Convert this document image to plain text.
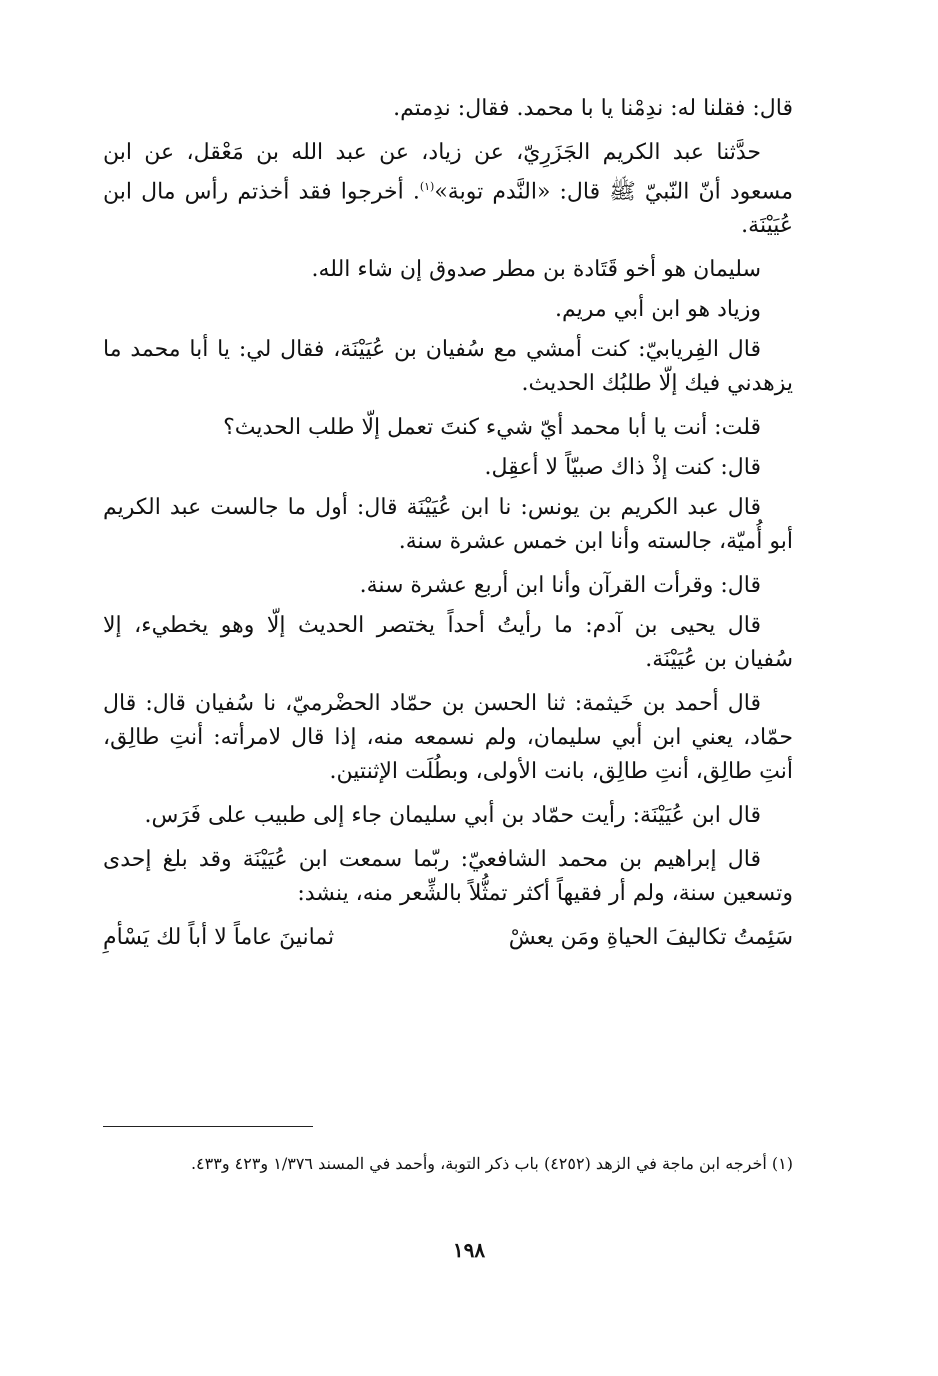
قال: فقلنا له: ندِمْنا يا با محمد. فقال: ندِمتم.

حدَّثنا عبد الكريم الجَزَرِيّ، عن زياد، عن عبد الله بن مَعْقل، عن ابن مسعود أنّ النّبيّ ﷺ قال: «النَّدم توبة»$^{(١)}$. أخرجوا فقد أخذتم رأس مال ابن عُيَيْنَة.

سليمان هو أخو قَتَادة بن مطر صدوق إن شاء الله.

وزياد هو ابن أبي مريم.

قال الفِريابيّ: كنت أمشي مع سُفيان بن عُيَيْنَة، فقال لي: يا أبا محمد ما يزهدني فيك إلّا طلبُك الحديث.

قلت: أنت يا أبا محمد أيّ شيء كنتَ تعمل إلّا طلب الحديث؟

قال: كنت إذْ ذاك صبيّاً لا أعقِل.

قال عبد الكريم بن يونس: نا ابن عُيَيْنَة قال: أول ما جالست عبد الكريم أبو أُميّة، جالسته وأنا ابن خمس عشرة سنة.

قال: وقرأت القرآن وأنا ابن أربع عشرة سنة.

قال يحيى بن آدم: ما رأيتُ أحداً يختصر الحديث إلّا وهو يخطيء، إلا سُفيان بن عُيَيْنَة.

قال أحمد بن خَيثمة: ثنا الحسن بن حمّاد الحضْرميّ، نا سُفيان قال: قال حمّاد، يعني ابن أبي سليمان، ولم نسمعه منه، إذا قال لامرأته: أنتِ طالِق، أنتِ طالِق، أنتِ طالِق، بانت الأولى، وبطُلَت الإثنتين.

قال ابن عُيَيْنَة: رأيت حمّاد بن أبي سليمان جاء إلى طبيب على فَرَس.

قال إبراهيم بن محمد الشافعيّ: ربّما سمعت ابن عُيَيْنَة وقد بلغ إحدى وتسعين سنة، ولم أر فقيهاً أكثر تمثُّلاً بالشِّعر منه، ينشد:

سَئِمتُ تكاليفَ الحياةِ ومَن يعشْ
ثمانينَ عاماً لا أباً لك يَسْأمِ
(١) أخرجه ابن ماجة في الزهد (٤٢٥٢) باب ذكر التوبة، وأحمد في المسند ١/٣٧٦ و٤٢٣ و٤٣٣.
١٩٨
